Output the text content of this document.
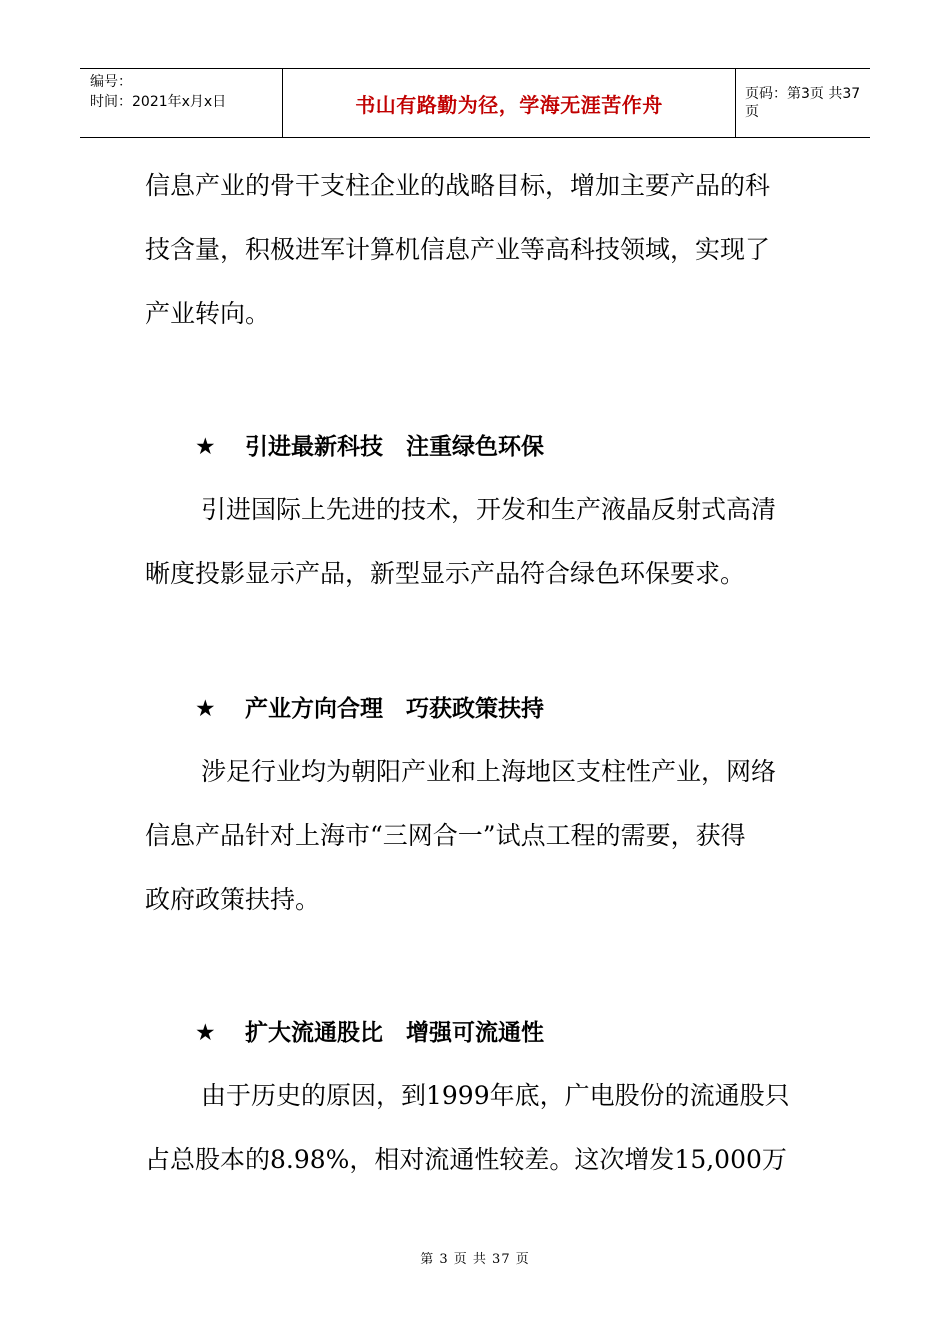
编号：
时间：2021年x月x日	书山有路勤为径，学海无涯苦作舟	页码：第3页 共37页
信息产业的骨干支柱企业的战略目标，增加主要产品的科
技含量，积极进军计算机信息产业等高科技领域，实现了
产业转向。
★ 引进最新科技　注重绿色环保
引进国际上先进的技术，开发和生产液晶反射式高清
晰度投影显示产品，新型显示产品符合绿色环保要求。
★ 产业方向合理　巧获政策扶持
涉足行业均为朝阳产业和上海地区支柱性产业，网络
信息产品针对上海市“三网合一”试点工程的需要，获得
政府政策扶持。
★ 扩大流通股比　增强可流通性
由于历史的原因，到1999年底，广电股份的流通股只
占总股本的8.98%，相对流通性较差。这次增发15,000万
第 3 页 共 37 页
